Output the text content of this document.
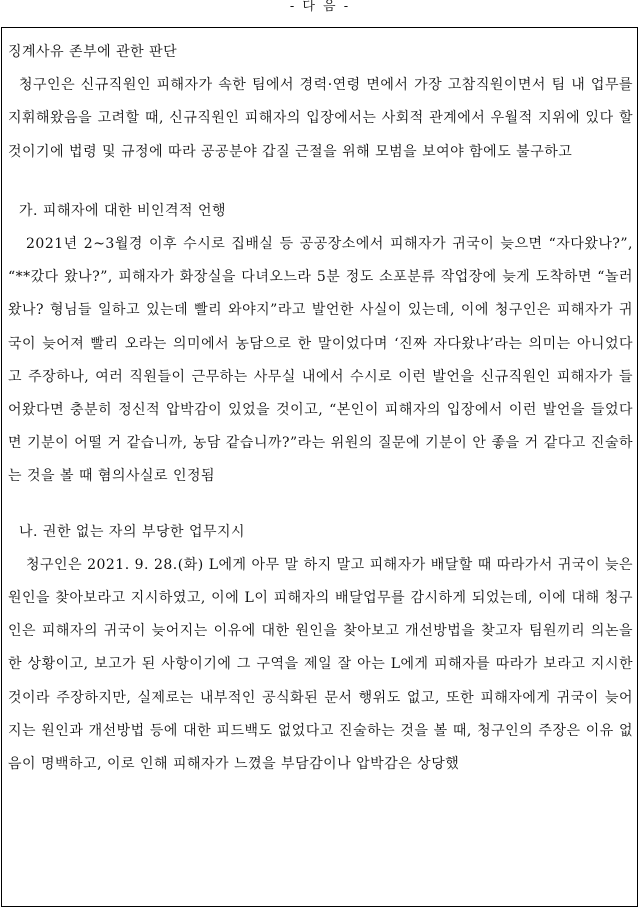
- 다 음 -

징계사유 존부에 관한 판단

청구인은 신규직원인 피해자가 속한 팀에서 경력·연령 면에서 가장 고참직원이면서 팀 내 업무를 지휘해왔음을 고려할 때, 신규직원인 피해자의 입장에서는 사회적 관계에서 우월적 지위에 있다 할 것이기에 법령 및 규정에 따라 공공분야 갑질 근절을 위해 모범을 보여야 함에도 불구하고

가. 피해자에 대한 비인격적 언행

2021년 2~3월경 이후 수시로 집배실 등 공공장소에서 피해자가 귀국이 늦으면 “자다왔나?”, “**갔다 왔나?”, 피해자가 화장실을 다녀오느라 5분 정도 소포분류 작업장에 늦게 도착하면 “놀러왔나? 형님들 일하고 있는데 빨리 와야지”라고 발언한 사실이 있는데, 이에 청구인은 피해자가 귀국이 늦어져 빨리 오라는 의미에서 농담으로 한 말이었다며 ‘진짜 자다왔냐’라는 의미는 아니었다고 주장하나, 여러 직원들이 근무하는 사무실 내에서 수시로 이런 발언을 신규직원인 피해자가 들어왔다면 충분히 정신적 압박감이 있었을 것이고, “본인이 피해자의 입장에서 이런 발언을 들었다면 기분이 어떨 거 같습니까, 농담 같습니까?”라는 위원의 질문에 기분이 안 좋을 거 같다고 진술하는 것을 볼 때 혐의사실로 인정됨

나. 권한 없는 자의 부당한 업무지시

청구인은 2021. 9. 28.(화) L에게 아무 말 하지 말고 피해자가 배달할 때 따라가서 귀국이 늦은 원인을 찾아보라고 지시하였고, 이에 L이 피해자의 배달업무를 감시하게 되었는데, 이에 대해 청구인은 피해자의 귀국이 늦어지는 이유에 대한 원인을 찾아보고 개선방법을 찾고자 팀원끼리 의논을 한 상황이고, 보고가 된 사항이기에 그 구역을 제일 잘 아는 L에게 피해자를 따라가 보라고 지시한 것이라 주장하지만, 실제로는 내부적인 공식화된 문서 행위도 없고, 또한 피해자에게 귀국이 늦어지는 원인과 개선방법 등에 대한 피드백도 없었다고 진술하는 것을 볼 때, 청구인의 주장은 이유 없음이 명백하고, 이로 인해 피해자가 느꼈을 부담감이나 압박감은 상당했
